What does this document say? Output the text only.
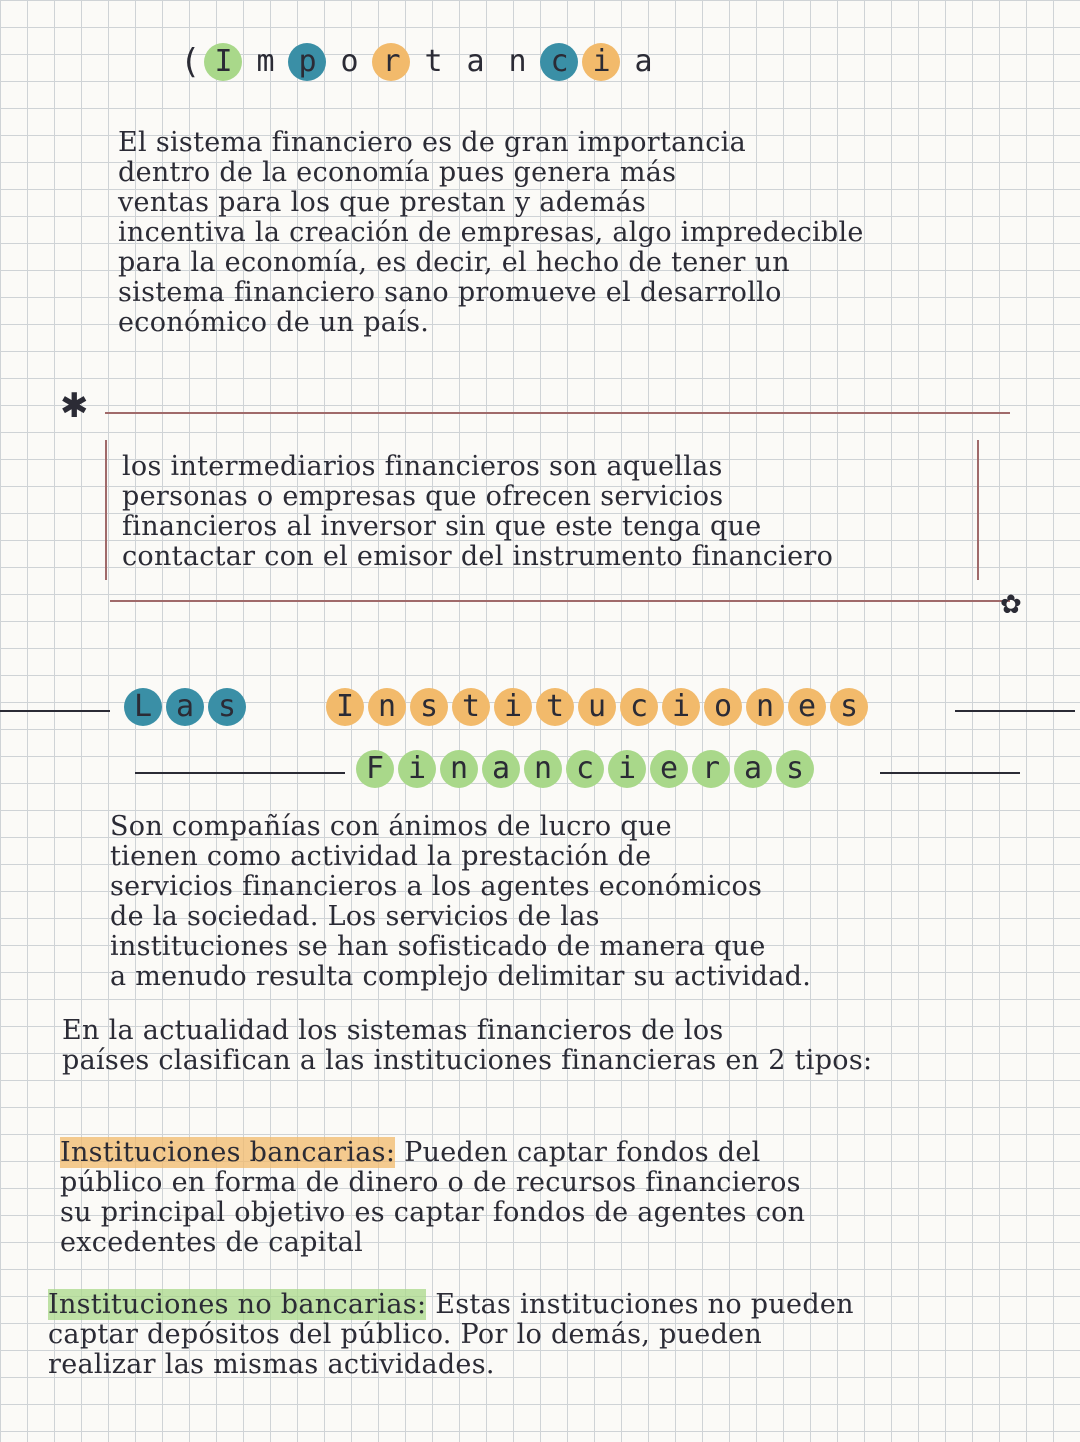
( I m p o r t a n c i a
El sistema financiero es de gran importancia
dentro de la economía pues genera más
ventas para los que prestan y además
incentiva la creación de empresas, algo impredecible
para la economía, es decir, el hecho de tener un
sistema financiero sano promueve el desarrollo
económico de un país.
✱
los intermediarios financieros son aquellas
personas o empresas que ofrecen servicios
financieros al inversor sin que este tenga que
contactar con el emisor del instrumento financiero
✿
L a s	I n s t i t u c i o n e s
F i n a n c i e r a s
Son compañías con ánimos de lucro que
tienen como actividad la prestación de
servicios financieros a los agentes económicos
de la sociedad. Los servicios de las
instituciones se han sofisticado de manera que
a menudo resulta complejo delimitar su actividad.
En la actualidad los sistemas financieros de los
países clasifican a las instituciones financieras en 2 tipos:
Instituciones bancarias: Pueden captar fondos del
público en forma de dinero o de recursos financieros
su principal objetivo es captar fondos de agentes con
excedentes de capital
Instituciones no bancarias: Estas instituciones no pueden
captar depósitos del público. Por lo demás, pueden
realizar las mismas actividades.
